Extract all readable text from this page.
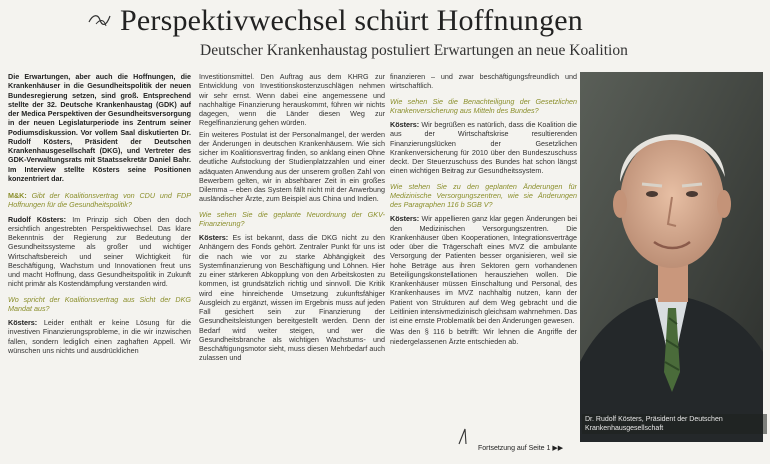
Perspektivwechsel schürt Hoffnungen
Deutscher Krankenhaustag postuliert Erwartungen an neue Koalition

Die Erwartungen, aber auch die Hoffnungen, die Krankenhäuser in die Gesundheitspolitik der neuen Bundesregierung setzen, sind groß. Entsprechend stellte der 32. Deutsche Krankenhaustag (GDK) auf der Medica Perspektiven der Gesundheitsversorgung in der neuen Legislaturperiode ins Zentrum seiner Podiumsdiskussion. Vor vollem Saal diskutierten Dr. Rudolf Kösters, Präsident der Deutschen Krankenhausgesellschaft (DKG), und Vertreter des GDK-Verwaltungsrats mit Staatssekretär Daniel Bahr. Im Interview stellte Kösters seine Positionen konzentriert dar.

M&K: Gibt der Koalitionsvertrag von CDU und FDP Hoffnungen für die Gesundheitspolitik?

Rudolf Kösters: Im Prinzip sich Oben den doch ersichtlich angestrebten Perspektivwechsel. Das klare Bekenntnis der Regierung zur Bedeutung der Gesundheitssysteme als großer und wichtiger Wirtschaftsbereich und seiner Wichtigkeit für Beschäftigung, Wachstum und Innovationen freut uns und macht Hoffnung, dass Gesundheitspolitik in Zukunft nicht primär als Kostendämpfung verstanden wird.

Wo spricht der Koalitionsvertrag aus Sicht der DKG Mandat aus?

Kösters: Leider enthält er keine Lösung für die investiven Finanzierungsprobleme, in die wir inzwischen fallen, sondern lediglich einen zaghaften Appell. Wir wünschen uns nichts und ausdrücklichen

Investitionsmittel. Den Auftrag aus dem KHRG zur Entwicklung von Investitionskostenzuschlägen nehmen wir sehr ernst. Wenn dabei eine angemessene und nachhaltige Finanzierung herauskommt, führen wir nichts dagegen, wenn die Länder diesen Weg zur Regelfinanzierung gehen würden.

Ein weiteres Postulat ist der Personalmangel, der werden der Änderungen in deutschen Krankenhäusern. Wie sich sicher im Koalitionsvertrag finden, so anklang einen Ohne deutliche Aufstockung der Studienplatzzahlen und einer adäquaten Anwendung aus der unserem großen Zahl von Bewerbern gelten, wir in absehbarer Zeit in ein großes Dilemma – eben das System fällt nicht mit der Anwerbung ausländischer Ärzte, zum Beispiel aus China und Indien.

Wie sehen Sie die geplante Neuordnung der GKV-Finanzierung?

Kösters: Es ist bekannt, dass die DKG nicht zu den Anhängern des Fonds gehört. Zentraler Punkt für uns ist die nach wie vor zu starke Abhängigkeit des Systemfinanzierung von Beschäftigung und Löhnen. Hier zu einer stärkeren Abkopplung von den Arbeitskosten zu kommen, ist grundsätzlich richtig und sinnvoll. Die Kritik wird eine hinreichende Umsetzung zukunftsfähiger Ausgleich zu ergänzt, wissen im Ergebnis muss auf jeden Fall gesichert sein zur Finanzierung der Gesundheitsleistungen bereitgestellt werden. Denn der Bedarf wird weiter steigen, und wer die Gesundheitsbranche als wichtigen Wachstums- und Beschäftigungsmotor sieht, muss diesen Mehrbedarf auch zulassen und

finanzieren – und zwar beschäftigungsfreundlich und wirtschaftlich.

Wie sehen Sie die Benachteiligung der Gesetzlichen Krankenversicherung aus Mitteln des Bundes?

Kösters: Wir begrüßen es natürlich, dass die Koalition die aus der Wirtschaftskrise resultierenden Finanzierungslücken der Gesetzlichen Krankenversicherung für 2010 über den Bundeszuschuss deckt. Der Steuerzuschuss des Bundes hat schon längst einen wichtigen Beitrag zur Gesundheitssystem.

Wie stehen Sie zu den geplanten Änderungen für Medizinische Versorgungszentren, wie sie Änderungen des Paragraphen 116 b SGB V?

Kösters: Wir appellieren ganz klar gegen Änderungen bei den Medizinischen Versorgungszentren. Die Krankenhäuser üben Kooperationen, Integrationsverträge oder über die Trägerschaft eines MVZ die ambulante Versorgung der Patienten besser organisieren, weil sie hohe Beträge aus ihren Sektoren gern vorhandenen Beteiligungskonstellationen herausziehen wollen. Die Krankenhäuser müssen Einschaltung und Personal, des Krankenhauses im MVZ nachhaltig nutzen, kann der Patient von Strukturen auf dem Weg gebracht und die Leitlinien intensivmedizinisch gleichsam wahrnehmen. Das ist eine ernste Problematik bei den Änderungen gewesen.

Was den § 116 b betrifft: Wir lehnen die Angriffe der niedergelassenen Ärzte entschieden ab.

Fortsetzung auf Seite 1 ▶▶
Dr. Rudolf Kösters, Präsident der Deutschen Krankenhausgesellschaft
